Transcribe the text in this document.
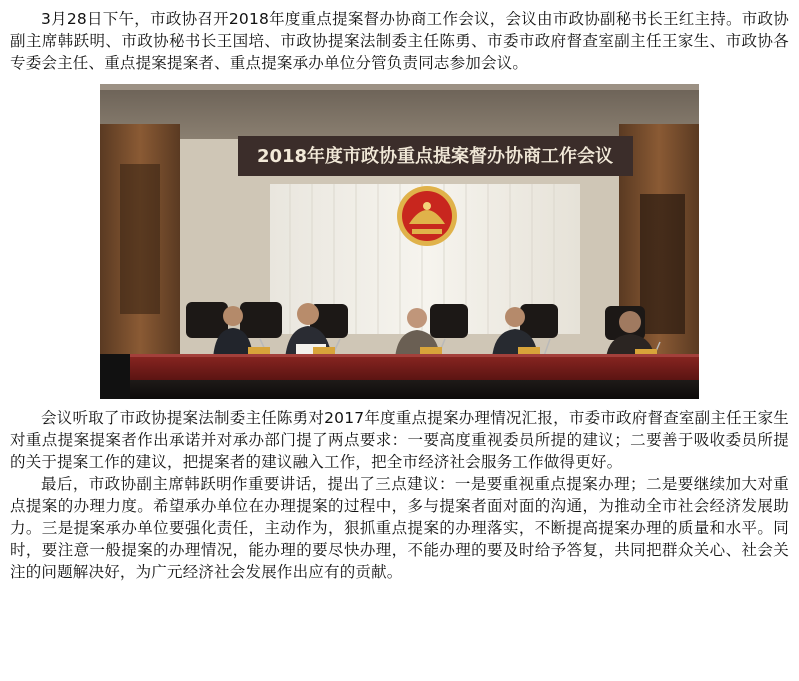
3月28日下午，市政协召开2018年度重点提案督办协商工作会议，会议由市政协副秘书长王红主持。市政协副主席韩跃明、市政协秘书长王国培、市政协提案法制委主任陈勇、市委市政府督查室副主任王家生、市政协各专委会主任、重点提案提案者、重点提案承办单位分管负责同志参加会议。

2018年度市政协重点提案督办协商工作会议

会议听取了市政协提案法制委主任陈勇对2017年度重点提案办理情况汇报，市委市政府督查室副主任王家生对重点提案提案者作出承诺并对承办部门提了两点要求：一要高度重视委员所提的建议；二要善于吸收委员所提的关于提案工作的建议，把提案者的建议融入工作，把全市经济社会服务工作做得更好。

最后，市政协副主席韩跃明作重要讲话，提出了三点建议：一是要重视重点提案办理；二是要继续加大对重点提案的办理力度。希望承办单位在办理提案的过程中，多与提案者面对面的沟通，为推动全市社会经济发展助力。三是提案承办单位要强化责任，主动作为，狠抓重点提案的办理落实，不断提高提案办理的质量和水平。同时，要注意一般提案的办理情况，能办理的要尽快办理，不能办理的要及时给予答复，共同把群众关心、社会关注的问题解决好，为广元经济社会发展作出应有的贡献。
